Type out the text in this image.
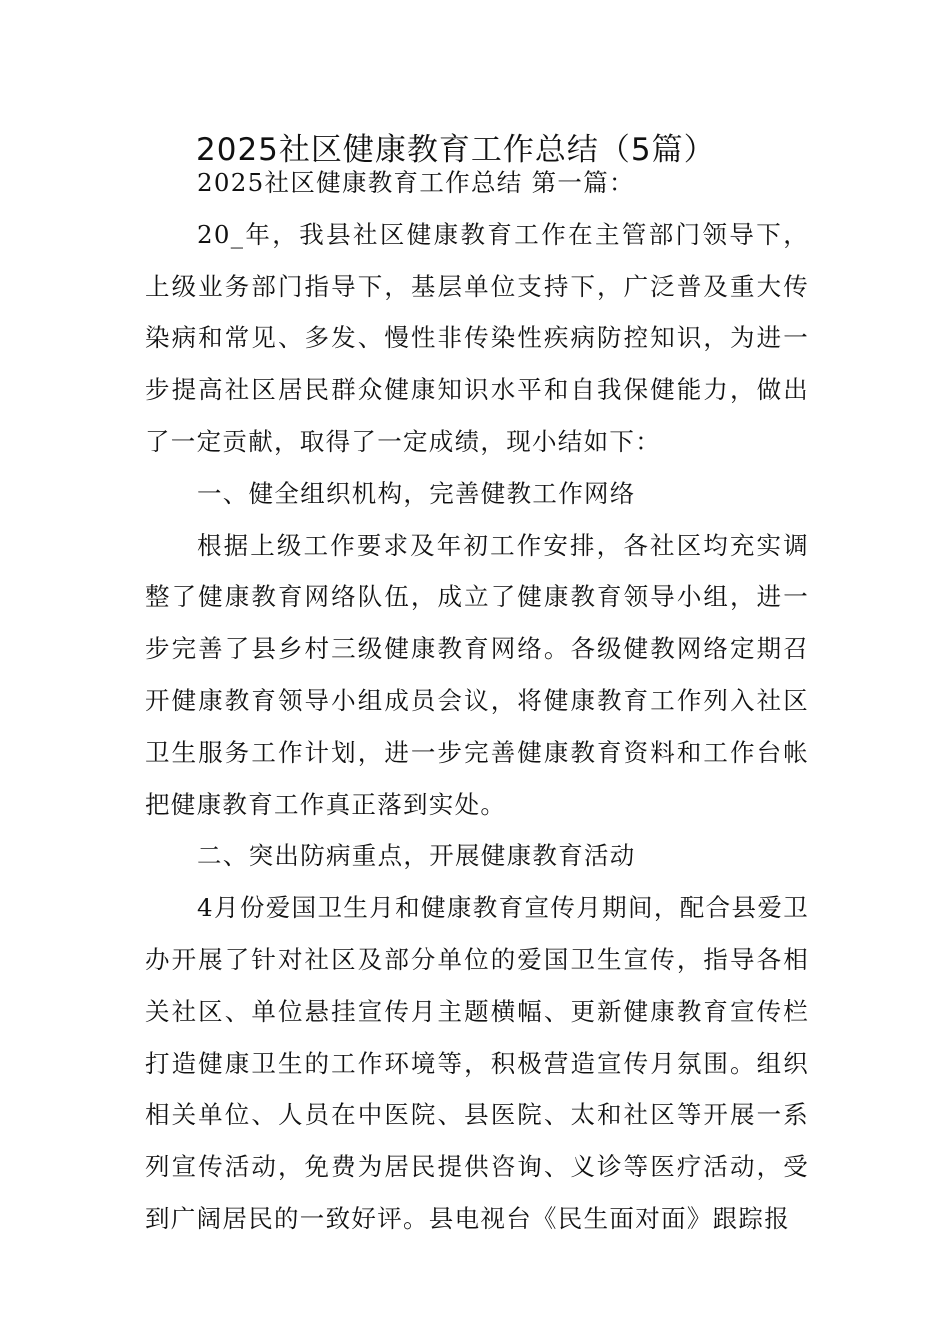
2025社区健康教育工作总结（5篇）

2025社区健康教育工作总结 第一篇：

20_年，我县社区健康教育工作在主管部门领导下，上级业务部门指导下，基层单位支持下，广泛普及重大传染病和常见、多发、慢性非传染性疾病防控知识，为进一步提高社区居民群众健康知识水平和自我保健能力，做出了一定贡献，取得了一定成绩，现小结如下：

一、健全组织机构，完善健教工作网络

根据上级工作要求及年初工作安排，各社区均充实调整了健康教育网络队伍，成立了健康教育领导小组，进一步完善了县乡村三级健康教育网络。各级健教网络定期召开健康教育领导小组成员会议，将健康教育工作列入社区卫生服务工作计划，进一步完善健康教育资料和工作台帐把健康教育工作真正落到实处。

二、突出防病重点，开展健康教育活动

4月份爱国卫生月和健康教育宣传月期间，配合县爱卫办开展了针对社区及部分单位的爱国卫生宣传，指导各相关社区、单位悬挂宣传月主题横幅、更新健康教育宣传栏打造健康卫生的工作环境等，积极营造宣传月氛围。组织相关单位、人员在中医院、县医院、太和社区等开展一系列宣传活动，免费为居民提供咨询、义诊等医疗活动，受到广阔居民的一致好评。县电视台《民生面对面》跟踪报
